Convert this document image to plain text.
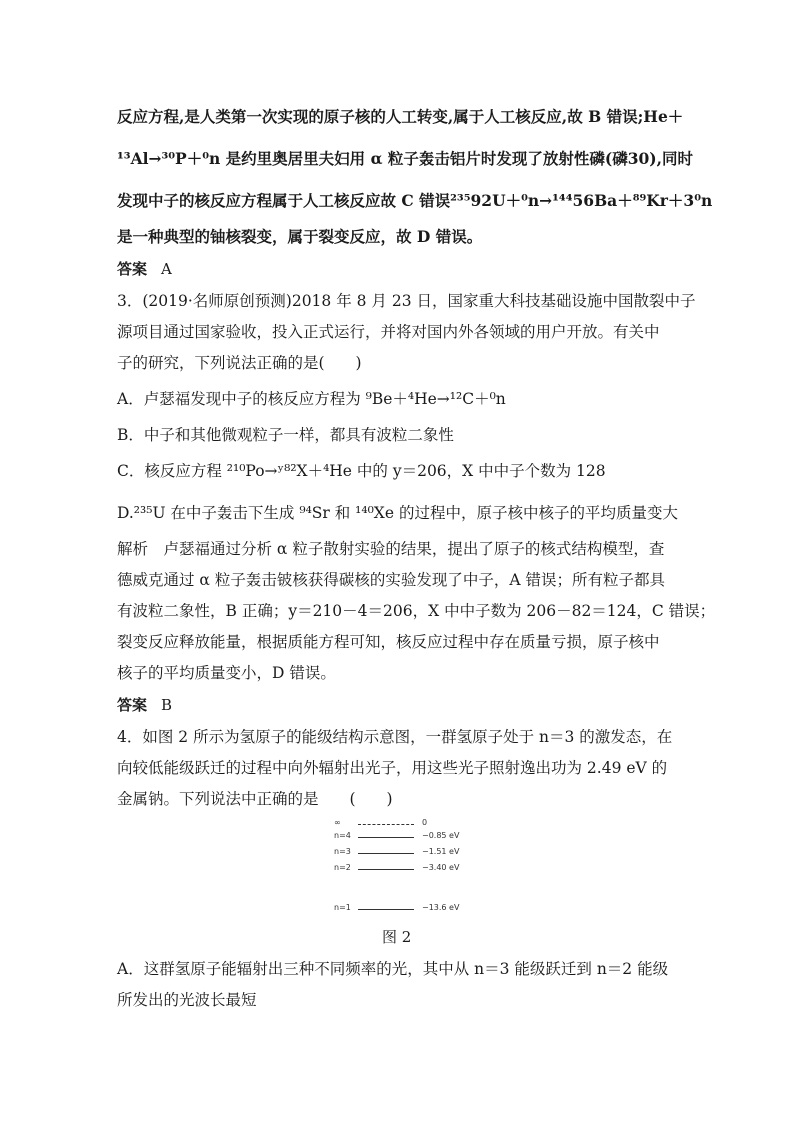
反应方程,是人类第一次实现的原子核的人工转变,属于人工核反应,故 B 错误;He＋
¹³Al→³⁰P＋⁰n 是约里奥居里夫妇用 α 粒子轰击铝片时发现了放射性磷(磷30),同时
发现中子的核反应方程属于人工核反应故 C 错误²³⁵92U＋⁰n→¹⁴⁴56Ba＋⁸⁹Kr＋3⁰n
是一种典型的铀核裂变，属于裂变反应，故 D 错误。
答案 A
3．(2019·名师原创预测)2018 年 8 月 23 日，国家重大科技基础设施中国散裂中子
源项目通过国家验收，投入正式运行，并将对国内外各领域的用户开放。有关中
子的研究，下列说法正确的是(　　)
A．卢瑟福发现中子的核反应方程为 ⁹Be＋⁴He→¹²C＋⁰n
B．中子和其他微观粒子一样，都具有波粒二象性
C．核反应方程 ²¹⁰Po→ʸ⁸²X＋⁴He 中的 y＝206，X 中中子个数为 128
D.²³⁵U 在中子轰击下生成 ⁹⁴Sr 和 ¹⁴⁰Xe 的过程中，原子核中核子的平均质量变大
解析　卢瑟福通过分析 α 粒子散射实验的结果，提出了原子的核式结构模型，查
德威克通过 α 粒子轰击铍核获得碳核的实验发现了中子，A 错误；所有粒子都具
有波粒二象性，B 正确；y＝210－4＝206，X 中中子数为 206－82＝124，C 错误；
裂变反应释放能量，根据质能方程可知，核反应过程中存在质量亏损，原子核中
核子的平均质量变小，D 错误。
答案 B
4．如图 2 所示为氢原子的能级结构示意图，一群氢原子处于 n＝3 的激发态，在
向较低能级跃迁的过程中向外辐射出光子，用这些光子照射逸出功为 2.49 eV 的
金属钠。下列说法中正确的是　　(　　)
∞	0
n=4	−0.85 eV
n=3	−1.51 eV
n=2	−3.40 eV
n=1	−13.6 eV
图 2
A．这群氢原子能辐射出三种不同频率的光，其中从 n＝3 能级跃迁到 n＝2 能级
所发出的光波长最短
